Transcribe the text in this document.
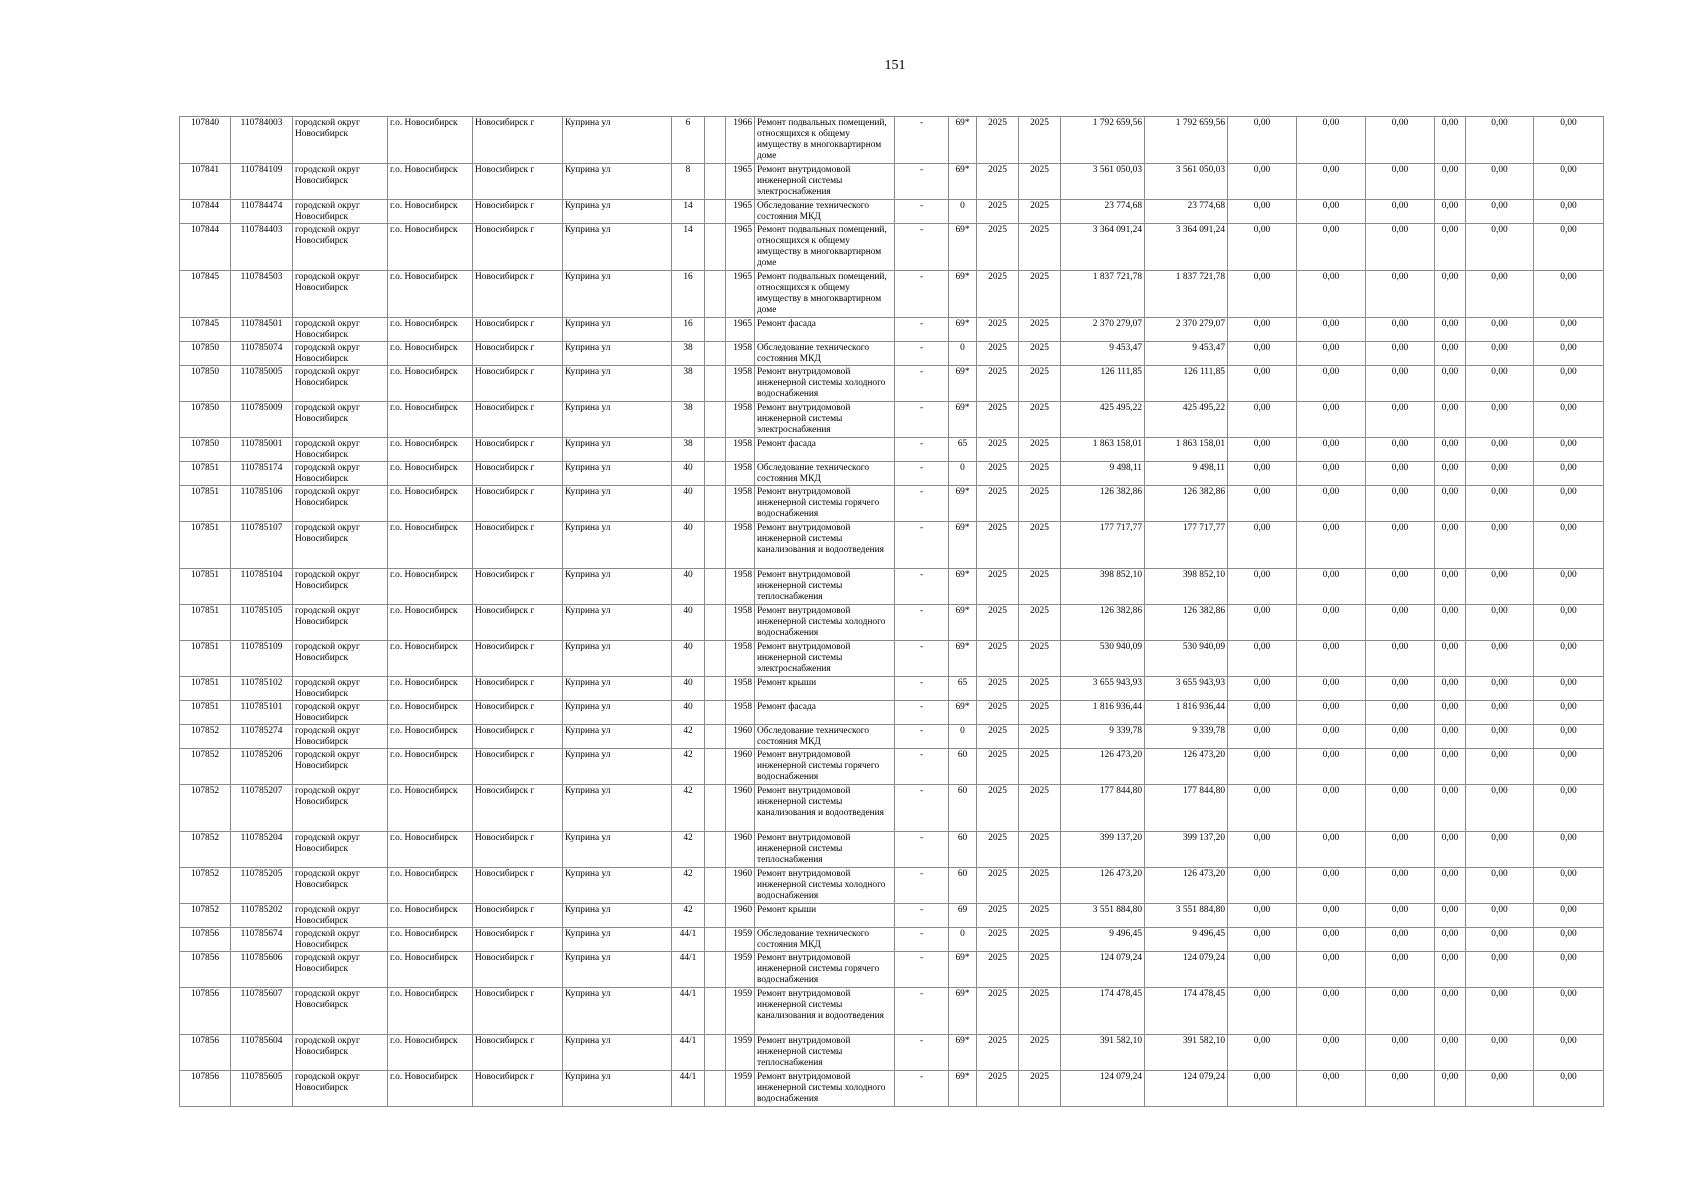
151
107840	110784003	городской округ Новосибирск	г.о. Новосибирск	Новосибирск г	Куприна ул	6		1966	Ремонт подвальных помещений, относящихся к общему имуществу в многоквартирном доме	-	69*	2025	2025	1 792 659,56	1 792 659,56	0,00	0,00	0,00	0,00	0,00	0,00
107841	110784109	городской округ Новосибирск	г.о. Новосибирск	Новосибирск г	Куприна ул	8		1965	Ремонт внутридомовой инженерной системы электроснабжения	-	69*	2025	2025	3 561 050,03	3 561 050,03	0,00	0,00	0,00	0,00	0,00	0,00
107844	110784474	городской округ Новосибирск	г.о. Новосибирск	Новосибирск г	Куприна ул	14		1965	Обследование технического состояния МКД	-	0	2025	2025	23 774,68	23 774,68	0,00	0,00	0,00	0,00	0,00	0,00
107844	110784403	городской округ Новосибирск	г.о. Новосибирск	Новосибирск г	Куприна ул	14		1965	Ремонт подвальных помещений, относящихся к общему имуществу в многоквартирном доме	-	69*	2025	2025	3 364 091,24	3 364 091,24	0,00	0,00	0,00	0,00	0,00	0,00
107845	110784503	городской округ Новосибирск	г.о. Новосибирск	Новосибирск г	Куприна ул	16		1965	Ремонт подвальных помещений, относящихся к общему имуществу в многоквартирном доме	-	69*	2025	2025	1 837 721,78	1 837 721,78	0,00	0,00	0,00	0,00	0,00	0,00
107845	110784501	городской округ Новосибирск	г.о. Новосибирск	Новосибирск г	Куприна ул	16		1965	Ремонт фасада	-	69*	2025	2025	2 370 279,07	2 370 279,07	0,00	0,00	0,00	0,00	0,00	0,00
107850	110785074	городской округ Новосибирск	г.о. Новосибирск	Новосибирск г	Куприна ул	38		1958	Обследование технического состояния МКД	-	0	2025	2025	9 453,47	9 453,47	0,00	0,00	0,00	0,00	0,00	0,00
107850	110785005	городской округ Новосибирск	г.о. Новосибирск	Новосибирск г	Куприна ул	38		1958	Ремонт внутридомовой инженерной системы холодного водоснабжения	-	69*	2025	2025	126 111,85	126 111,85	0,00	0,00	0,00	0,00	0,00	0,00
107850	110785009	городской округ Новосибирск	г.о. Новосибирск	Новосибирск г	Куприна ул	38		1958	Ремонт внутридомовой инженерной системы электроснабжения	-	69*	2025	2025	425 495,22	425 495,22	0,00	0,00	0,00	0,00	0,00	0,00
107850	110785001	городской округ Новосибирск	г.о. Новосибирск	Новосибирск г	Куприна ул	38		1958	Ремонт фасада	-	65	2025	2025	1 863 158,01	1 863 158,01	0,00	0,00	0,00	0,00	0,00	0,00
107851	110785174	городской округ Новосибирск	г.о. Новосибирск	Новосибирск г	Куприна ул	40		1958	Обследование технического состояния МКД	-	0	2025	2025	9 498,11	9 498,11	0,00	0,00	0,00	0,00	0,00	0,00
107851	110785106	городской округ Новосибирск	г.о. Новосибирск	Новосибирск г	Куприна ул	40		1958	Ремонт внутридомовой инженерной системы горячего водоснабжения	-	69*	2025	2025	126 382,86	126 382,86	0,00	0,00	0,00	0,00	0,00	0,00
107851	110785107	городской округ Новосибирск	г.о. Новосибирск	Новосибирск г	Куприна ул	40		1958	Ремонт внутридомовой инженерной системы канализования и водоотведения	-	69*	2025	2025	177 717,77	177 717,77	0,00	0,00	0,00	0,00	0,00	0,00
107851	110785104	городской округ Новосибирск	г.о. Новосибирск	Новосибирск г	Куприна ул	40		1958	Ремонт внутридомовой инженерной системы теплоснабжения	-	69*	2025	2025	398 852,10	398 852,10	0,00	0,00	0,00	0,00	0,00	0,00
107851	110785105	городской округ Новосибирск	г.о. Новосибирск	Новосибирск г	Куприна ул	40		1958	Ремонт внутридомовой инженерной системы холодного водоснабжения	-	69*	2025	2025	126 382,86	126 382,86	0,00	0,00	0,00	0,00	0,00	0,00
107851	110785109	городской округ Новосибирск	г.о. Новосибирск	Новосибирск г	Куприна ул	40		1958	Ремонт внутридомовой инженерной системы электроснабжения	-	69*	2025	2025	530 940,09	530 940,09	0,00	0,00	0,00	0,00	0,00	0,00
107851	110785102	городской округ Новосибирск	г.о. Новосибирск	Новосибирск г	Куприна ул	40		1958	Ремонт крыши	-	65	2025	2025	3 655 943,93	3 655 943,93	0,00	0,00	0,00	0,00	0,00	0,00
107851	110785101	городской округ Новосибирск	г.о. Новосибирск	Новосибирск г	Куприна ул	40		1958	Ремонт фасада	-	69*	2025	2025	1 816 936,44	1 816 936,44	0,00	0,00	0,00	0,00	0,00	0,00
107852	110785274	городской округ Новосибирск	г.о. Новосибирск	Новосибирск г	Куприна ул	42		1960	Обследование технического состояния МКД	-	0	2025	2025	9 339,78	9 339,78	0,00	0,00	0,00	0,00	0,00	0,00
107852	110785206	городской округ Новосибирск	г.о. Новосибирск	Новосибирск г	Куприна ул	42		1960	Ремонт внутридомовой инженерной системы горячего водоснабжения	-	60	2025	2025	126 473,20	126 473,20	0,00	0,00	0,00	0,00	0,00	0,00
107852	110785207	городской округ Новосибирск	г.о. Новосибирск	Новосибирск г	Куприна ул	42		1960	Ремонт внутридомовой инженерной системы канализования и водоотведения	-	60	2025	2025	177 844,80	177 844,80	0,00	0,00	0,00	0,00	0,00	0,00
107852	110785204	городской округ Новосибирск	г.о. Новосибирск	Новосибирск г	Куприна ул	42		1960	Ремонт внутридомовой инженерной системы теплоснабжения	-	60	2025	2025	399 137,20	399 137,20	0,00	0,00	0,00	0,00	0,00	0,00
107852	110785205	городской округ Новосибирск	г.о. Новосибирск	Новосибирск г	Куприна ул	42		1960	Ремонт внутридомовой инженерной системы холодного водоснабжения	-	60	2025	2025	126 473,20	126 473,20	0,00	0,00	0,00	0,00	0,00	0,00
107852	110785202	городской округ Новосибирск	г.о. Новосибирск	Новосибирск г	Куприна ул	42		1960	Ремонт крыши	-	69	2025	2025	3 551 884,80	3 551 884,80	0,00	0,00	0,00	0,00	0,00	0,00
107856	110785674	городской округ Новосибирск	г.о. Новосибирск	Новосибирск г	Куприна ул	44/1		1959	Обследование технического состояния МКД	-	0	2025	2025	9 496,45	9 496,45	0,00	0,00	0,00	0,00	0,00	0,00
107856	110785606	городской округ Новосибирск	г.о. Новосибирск	Новосибирск г	Куприна ул	44/1		1959	Ремонт внутридомовой инженерной системы горячего водоснабжения	-	69*	2025	2025	124 079,24	124 079,24	0,00	0,00	0,00	0,00	0,00	0,00
107856	110785607	городской округ Новосибирск	г.о. Новосибирск	Новосибирск г	Куприна ул	44/1		1959	Ремонт внутридомовой инженерной системы канализования и водоотведения	-	69*	2025	2025	174 478,45	174 478,45	0,00	0,00	0,00	0,00	0,00	0,00
107856	110785604	городской округ Новосибирск	г.о. Новосибирск	Новосибирск г	Куприна ул	44/1		1959	Ремонт внутридомовой инженерной системы теплоснабжения	-	69*	2025	2025	391 582,10	391 582,10	0,00	0,00	0,00	0,00	0,00	0,00
107856	110785605	городской округ Новосибирск	г.о. Новосибирск	Новосибирск г	Куприна ул	44/1		1959	Ремонт внутридомовой инженерной системы холодного водоснабжения	-	69*	2025	2025	124 079,24	124 079,24	0,00	0,00	0,00	0,00	0,00	0,00
